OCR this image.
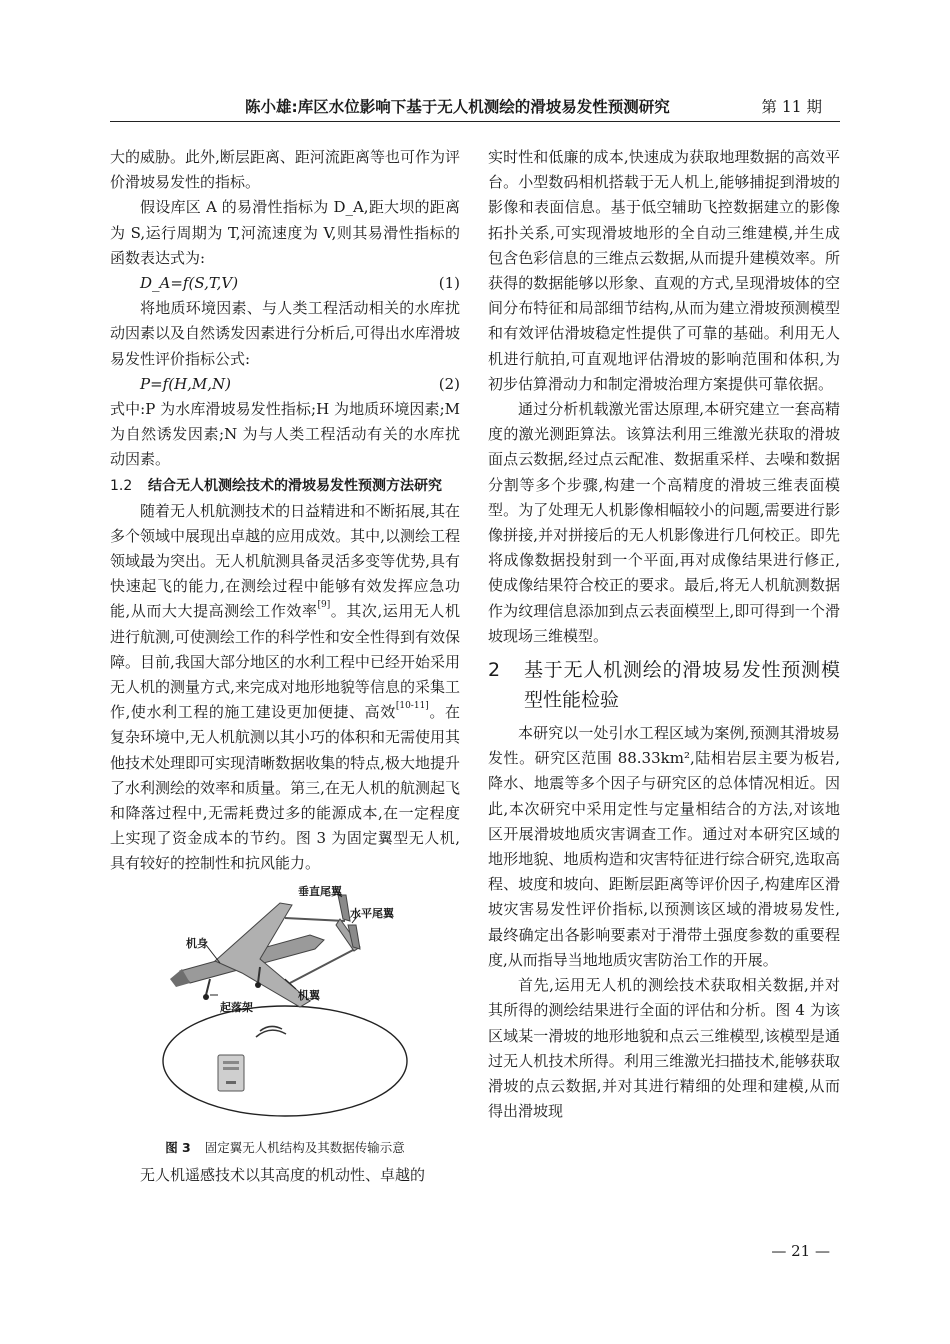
陈小雄:库区水位影响下基于无人机测绘的滑坡易发性预测研究	第 11 期

大的威胁。此外,断层距离、距河流距离等也可作为评价滑坡易发性的指标。

假设库区 A 的易滑性指标为 D_A,距大坝的距离为 S,运行周期为 T,河流速度为 V,则其易滑性指标的函数表达式为:

D_A=f(S,T,V)	(1)

将地质环境因素、与人类工程活动相关的水库扰动因素以及自然诱发因素进行分析后,可得出水库滑坡易发性评价指标公式:

P=f(H,M,N)	(2)

式中:P 为水库滑坡易发性指标;H 为地质环境因素;M 为自然诱发因素;N 为与人类工程活动有关的水库扰动因素。

1.2	结合无人机测绘技术的滑坡易发性预测方法研究

随着无人机航测技术的日益精进和不断拓展,其在多个领域中展现出卓越的应用成效。其中,以测绘工程领域最为突出。无人机航测具备灵活多变等优势,具有快速起飞的能力,在测绘过程中能够有效发挥应急功能,从而大大提高测绘工作效率[9]。其次,运用无人机进行航测,可使测绘工作的科学性和安全性得到有效保障。目前,我国大部分地区的水利工程中已经开始采用无人机的测量方式,来完成对地形地貌等信息的采集工作,使水利工程的施工建设更加便捷、高效[10-11]。在复杂环境中,无人机航测以其小巧的体积和无需使用其他技术处理即可实现清晰数据收集的特点,极大地提升了水利测绘的效率和质量。第三,在无人机的航测起飞和降落过程中,无需耗费过多的能源成本,在一定程度上实现了资金成本的节约。图 3 为固定翼型无人机,具有较好的控制性和抗风能力。

垂直尾翼
水平尾翼
机身
机翼
起落架
图 3 固定翼无人机结构及其数据传输示意

无人机遥感技术以其高度的机动性、卓越的

实时性和低廉的成本,快速成为获取地理数据的高效平台。小型数码相机搭载于无人机上,能够捕捉到滑坡的影像和表面信息。基于低空辅助飞控数据建立的影像拓扑关系,可实现滑坡地形的全自动三维建模,并生成包含色彩信息的三维点云数据,从而提升建模效率。所获得的数据能够以形象、直观的方式,呈现滑坡体的空间分布特征和局部细节结构,从而为建立滑坡预测模型和有效评估滑坡稳定性提供了可靠的基础。利用无人机进行航拍,可直观地评估滑坡的影响范围和体积,为初步估算滑动力和制定滑坡治理方案提供可靠依据。

通过分析机载激光雷达原理,本研究建立一套高精度的激光测距算法。该算法利用三维激光获取的滑坡面点云数据,经过点云配准、数据重采样、去噪和数据分割等多个步骤,构建一个高精度的滑坡三维表面模型。为了处理无人机影像相幅较小的问题,需要进行影像拼接,并对拼接后的无人机影像进行几何校正。即先将成像数据投射到一个平面,再对成像结果进行修正,使成像结果符合校正的要求。最后,将无人机航测数据作为纹理信息添加到点云表面模型上,即可得到一个滑坡现场三维模型。

2	基于无人机测绘的滑坡易发性预测模型性能检验

本研究以一处引水工程区域为案例,预测其滑坡易发性。研究区范围 88.33km²,陆相岩层主要为板岩,降水、地震等多个因子与研究区的总体情况相近。因此,本次研究中采用定性与定量相结合的方法,对该地区开展滑坡地质灾害调查工作。通过对本研究区域的地形地貌、地质构造和灾害特征进行综合研究,选取高程、坡度和坡向、距断层距离等评价因子,构建库区滑坡灾害易发性评价指标,以预测该区域的滑坡易发性,最终确定出各影响要素对于滑带土强度参数的重要程度,从而指导当地地质灾害防治工作的开展。

首先,运用无人机的测绘技术获取相关数据,并对其所得的测绘结果进行全面的评估和分析。图 4 为该区域某一滑坡的地形地貌和点云三维模型,该模型是通过无人机技术所得。利用三维激光扫描技术,能够获取滑坡的点云数据,并对其进行精细的处理和建模,从而得出滑坡现

— 21 —
